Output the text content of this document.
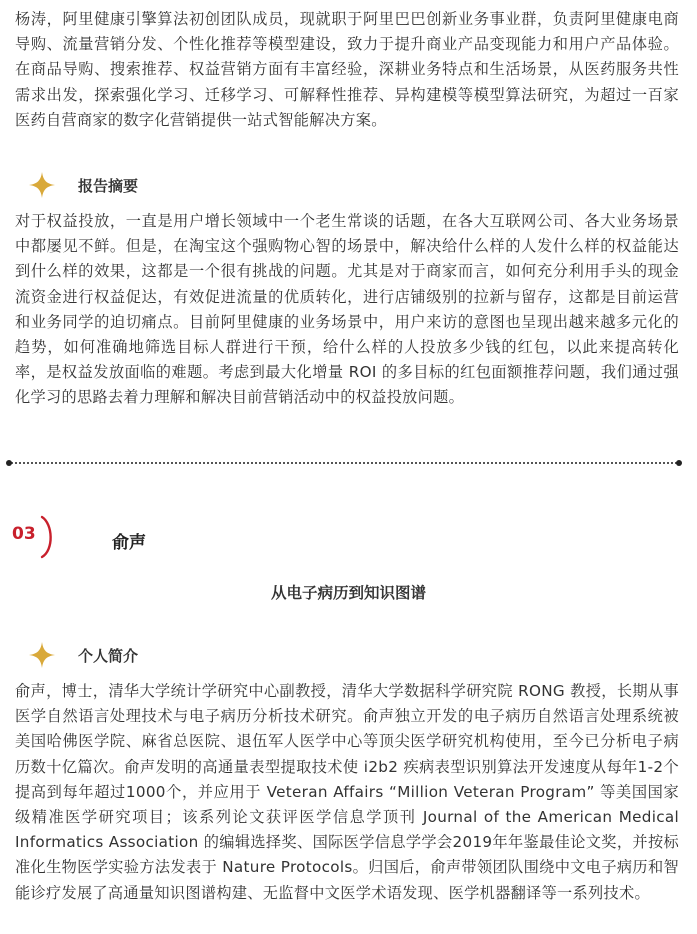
杨涛，阿里健康引擎算法初创团队成员，现就职于阿里巴巴创新业务事业群，负责阿里健康电商导购、流量营销分发、个性化推荐等模型建设，致力于提升商业产品变现能力和用户产品体验。在商品导购、搜索推荐、权益营销方面有丰富经验，深耕业务特点和生活场景，从医药服务共性需求出发，探索强化学习、迁移学习、可解释性推荐、异构建模等模型算法研究，为超过一百家医药自营商家的数字化营销提供一站式智能解决方案。

报告摘要

对于权益投放，一直是用户增长领域中一个老生常谈的话题，在各大互联网公司、各大业务场景中都屡见不鲜。但是，在淘宝这个强购物心智的场景中，解决给什么样的人发什么样的权益能达到什么样的效果，这都是一个很有挑战的问题。尤其是对于商家而言，如何充分利用手头的现金流资金进行权益促达，有效促进流量的优质转化，进行店铺级别的拉新与留存，这都是目前运营和业务同学的迫切痛点。目前阿里健康的业务场景中，用户来访的意图也呈现出越来越多元化的趋势，如何准确地筛选目标人群进行干预，给什么样的人投放多少钱的红包，以此来提高转化率，是权益发放面临的难题。考虑到最大化增量 ROI 的多目标的红包面额推荐问题，我们通过强化学习的思路去着力理解和解决目前营销活动中的权益投放问题。

03	俞声
从电子病历到知识图谱
个人简介

俞声，博士，清华大学统计学研究中心副教授，清华大学数据科学研究院 RONG 教授，长期从事医学自然语言处理技术与电子病历分析技术研究。俞声独立开发的电子病历自然语言处理系统被美国哈佛医学院、麻省总医院、退伍军人医学中心等顶尖医学研究机构使用，至今已分析电子病历数十亿篇次。俞声发明的高通量表型提取技术使 i2b2 疾病表型识别算法开发速度从每年1-2个提高到每年超过1000个，并应用于 Veteran Affairs “Million Veteran Program” 等美国国家级精准医学研究项目；该系列论文获评医学信息学顶刊 Journal of the American Medical Informatics Association 的编辑选择奖、国际医学信息学学会2019年年鉴最佳论文奖，并按标准化生物医学实验方法发表于 Nature Protocols。归国后，俞声带领团队围绕中文电子病历和智能诊疗发展了高通量知识图谱构建、无监督中文医学术语发现、医学机器翻译等一系列技术。
